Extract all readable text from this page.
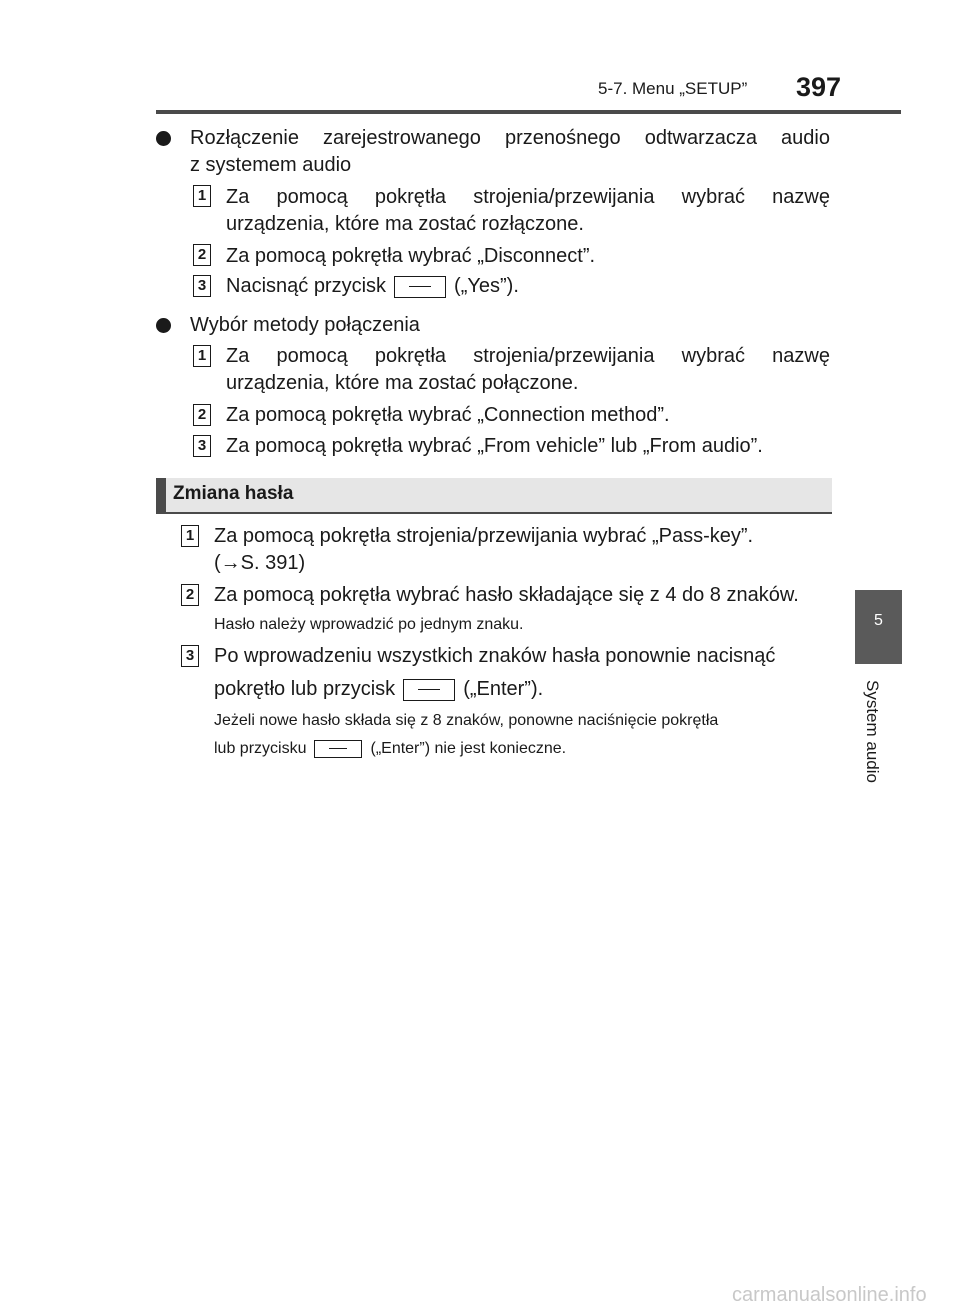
5-7. Menu „SETUP” 397
5
System audio
Rozłączenie zarejestrowanego przenośnego odtwarzacza audio
z systemem audio
1 Za pomocą pokrętła strojenia/przewijania wybrać nazwę
urządzenia, które ma zostać rozłączone.
2 Za pomocą pokrętła wybrać „Disconnect”.
3 Nacisnąć przycisk	(„Yes”).
Wybór metody połączenia
1 Za pomocą pokrętła strojenia/przewijania wybrać nazwę
urządzenia, które ma zostać połączone.
2 Za pomocą pokrętła wybrać „Connection method”.
3 Za pomocą pokrętła wybrać „From vehicle” lub „From audio”.
Zmiana hasła
1 Za pomocą pokrętła strojenia/przewijania wybrać „Pass-key”.
(→S. 391)
2 Za pomocą pokrętła wybrać hasło składające się z 4 do 8 znaków.
Hasło należy wprowadzić po jednym znaku.
3 Po wprowadzeniu wszystkich znaków hasła ponownie nacisnąć
pokrętło lub przycisk	(„Enter”).
Jeżeli nowe hasło składa się z 8 znaków, ponowne naciśnięcie pokrętła
lub przycisku	(„Enter”) nie jest konieczne.
carmanualsonline.info
